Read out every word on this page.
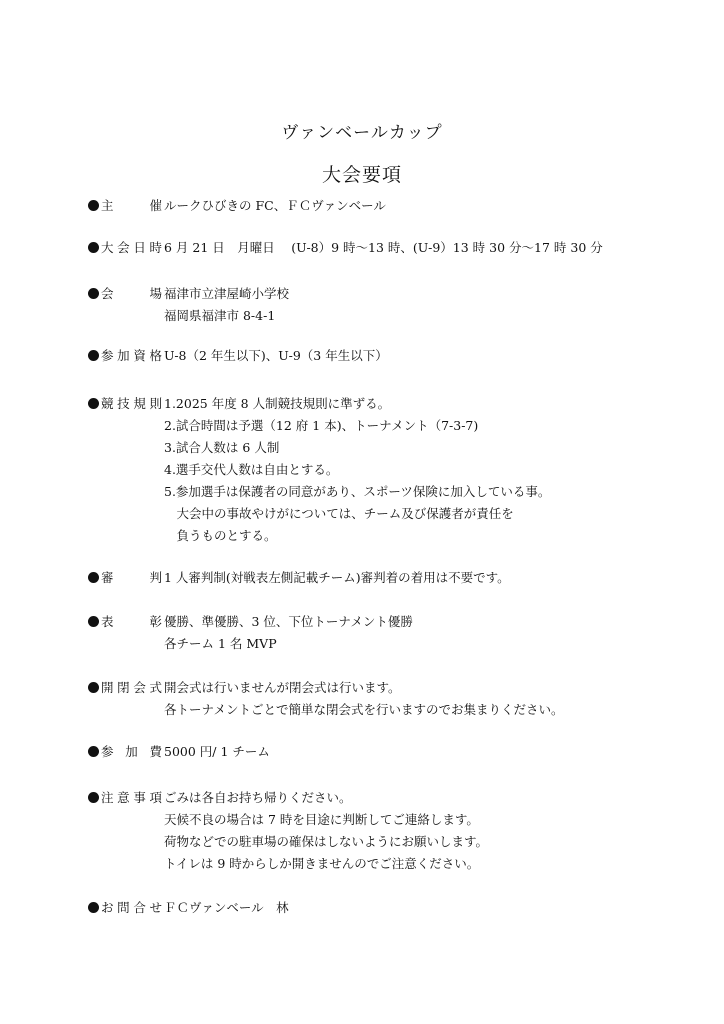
ヴァンベールカップ
大会要項
主	催 ルークひびきの FC、ＦＣヴァンベール
大 会 日 時 6 月 21 日　月曜日　 (U-8）9 時～13 時、(U-9）13 時 30 分～17 時 30 分
会	場 福津市立津屋崎小学校
福岡県福津市 8-4-1
参 加 資 格 U-8（2 年生以下)、U-9（3 年生以下）
競 技 規 則 1.2025 年度 8 人制競技規則に準ずる。
2.試合時間は予選（12 府 1 本)、トーナメント（7-3-7)
3.試合人数は 6 人制
4.選手交代人数は自由とする。
5.参加選手は保護者の同意があり、スポーツ保険に加入している事。
　大会中の事故やけがについては、チーム及び保護者が責任を
　負うものとする。
審	判 1 人審判制(対戦表左側記載チーム)審判着の着用は不要です。
表	彰 優勝、準優勝、3 位、下位トーナメント優勝
各チーム 1 名 MVP
開 閉 会 式 開会式は行いませんが閉会式は行います。
各トーナメントごとで簡単な閉会式を行いますのでお集まりください。
参 加 費 5000 円/ 1 チーム
注 意 事 項 ごみは各自お持ち帰りください。
天候不良の場合は 7 時を目途に判断してご連絡します。
荷物などでの駐車場の確保はしないようにお願いします。
トイレは 9 時からしか開きませんのでご注意ください。
お 問 合 せ ＦＣヴァンベール　林
